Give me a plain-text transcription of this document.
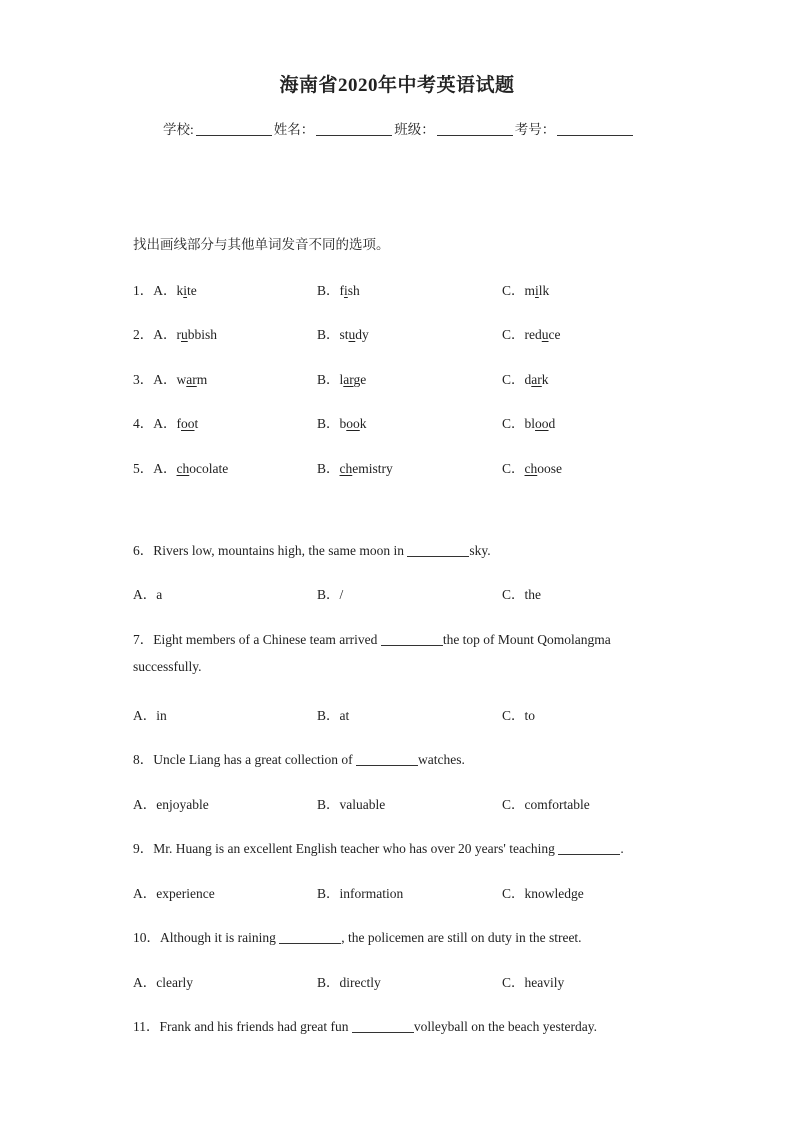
海南省2020年中考英语试题
学校:	姓名：	班级：	考号：
找出画线部分与其他单词发音不同的选项。
1．A．kite	B．fish	C．milk
2．A．rubbish	B．study	C．reduce
3．A．warm	B．large	C．dark
4．A．foot	B．book	C．blood
5．A．chocolate	B．chemistry	C．choose
6．Rivers low, mountains high, the same moon in	sky.
A．a	B．/	C．the
7．Eight members of a Chinese team arrived	the top of Mount Qomolangma
successfully.
A．in	B．at	C．to
8．Uncle Liang has a great collection of	watches.
A．enjoyable	B．valuable	C．comfortable
9．Mr. Huang is an excellent English teacher who has over 20 years' teaching	.
A．experience	B．information	C．knowledge
10．Although it is raining	, the policemen are still on duty in the street.
A．clearly	B．directly	C．heavily
11．Frank and his friends had great fun	volleyball on the beach yesterday.
